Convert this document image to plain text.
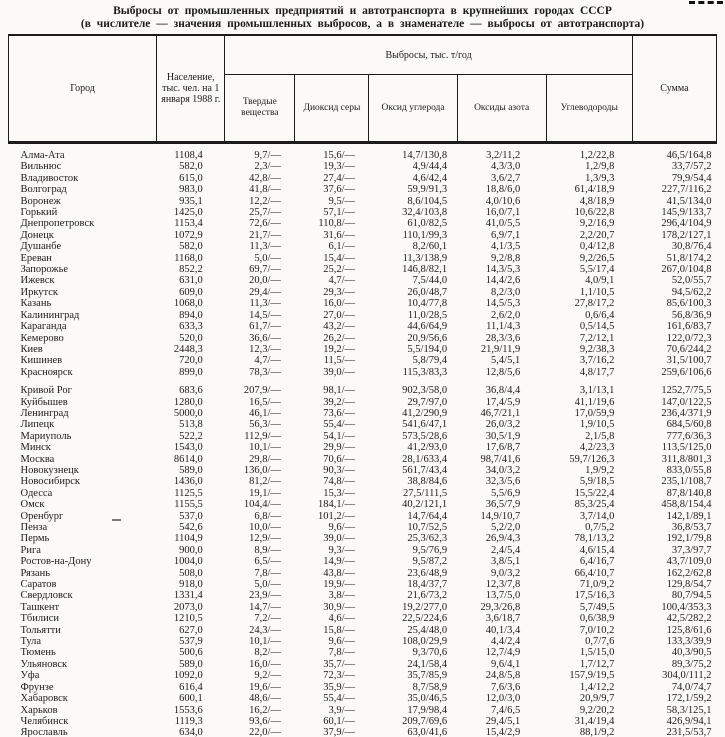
Выбросы от промышленных предприятий и автотранспорта в крупнейших городах СССР
(в числителе — значения промышленных выбросов, а в знаменателе — выбросы от автотранспорта)
Город	Население, тыс. чел. на 1 января 1988 г.	Выбросы, тыс. т/год					Сумма
		Твердые вещества	Диоксид серы	Оксид углерода	Оксиды азота	Углеводороды	
Алма-Ата	1108,4	9,7/—	15,6/—	14,7/130,8	3,2/11,2	1,2/22,8	46,5/164,8
Вильнюс	582,0	2,3/—	19,3/—	4,9/44,4	4,3/3,0	1,2/9,8	33,7/57,2
Владивосток	615,0	42,8/—	27,4/—	4,6/42,4	3,6/2,7	1,3/9,3	79,9/54,4
Волгоград	983,0	41,8/—	37,6/—	59,9/91,3	18,8/6,0	61,4/18,9	227,7/116,2
Воронеж	935,1	12,2/—	9,5/—	8,6/104,5	4,0/10,6	4,8/18,9	41,5/134,0
Горький	1425,0	25,7/—	57,1/—	32,4/103,8	16,0/7,1	10,6/22,8	145,9/133,7
Днепропетровск	1153,4	72,6/—	110,8/—	61,0/82,5	41,0/5,5	9,2/16,9	296,4/104,9
Донецк	1072,9	21,7/—	31,6/—	110,1/99,3	6,9/7,1	2,2/20,7	178,2/127,1
Душанбе	582,0	11,3/—	6,1/—	8,2/60,1	4,1/3,5	0,4/12,8	30,8/76,4
Ереван	1168,0	5,0/—	15,4/—	11,3/138,9	9,2/8,8	9,2/26,5	51,8/174,2
Запорожье	852,2	69,7/—	25,2/—	146,8/82,1	14,3/5,3	5,5/17,4	267,0/104,8
Ижевск	631,0	20,0/—	4,7/—	7,5/44,0	14,4/2,6	4,0/9,1	52,0/55,7
Иркутск	609,0	29,4/—	29,3/—	26,0/48,7	8,2/3,0	1,1/10,5	94,5/62,2
Казань	1068,0	11,3/—	16,0/—	10,4/77,8	14,5/5,3	27,8/17,2	85,6/100,3
Калининград	894,0	14,5/—	27,0/—	11,0/28,5	2,6/2,0	0,6/6,4	56,8/36,9
Караганда	633,3	61,7/—	43,2/—	44,6/64,9	11,1/4,3	0,5/14,5	161,6/83,7
Кемерово	520,0	36,6/—	26,2/—	20,9/56,6	28,3/3,6	7,2/12,1	122,0/72,3
Киев	2448,3	12,3/—	19,2/—	5,5/194,0	21,9/11,9	9,2/38,3	70,6/244,2
Кишинев	720,0	4,7/—	11,5/—	5,8/79,4	5,4/5,1	3,7/16,2	31,5/100,7
Красноярск	899,0	78,3/—	39,0/—	115,3/83,3	12,8/5,6	4,8/17,7	259,6/106,6
Кривой Рог	683,6	207,9/—	98,1/—	902,3/58,0	36,8/4,4	3,1/13,1	1252,7/75,5
Куйбышев	1280,0	16,5/—	39,2/—	29,7/97,0	17,4/5,9	41,1/19,6	147,0/122,5
Ленинград	5000,0	46,1/—	73,6/—	41,2/290,9	46,7/21,1	17,0/59,9	236,4/371,9
Липецк	513,8	56,3/—	55,4/—	541,6/47,1	26,0/3,2	1,9/10,5	684,5/60,8
Мариуполь	522,2	112,9/—	54,1/—	573,5/28,6	30,5/1,9	2,1/5,8	777,6/36,3
Минск	1543,0	10,1/—	29,9/—	41,2/93,0	17,6/8,7	4,2/23,3	113,5/125,0
Москва	8614,0	29,8/—	70,6/—	28,1/633,4	98,7/41,6	59,7/126,3	311,8/801,3
Новокузнецк	589,0	136,0/—	90,3/—	561,7/43,4	34,0/3,2	1,9/9,2	833,0/55,8
Новосибирск	1436,0	81,2/—	74,8/—	38,8/84,6	32,3/5,6	5,9/18,5	235,1/108,7
Одесса	1125,5	19,1/—	15,3/—	27,5/111,5	5,5/6,9	15,5/22,4	87,8/140,8
Омск	1155,5	104,4/—	184,1/—	40,2/121,1	36,5/7,9	85,3/25,4	458,8/154,4
Оренбург	537,0	6,8/—	101,2/—	14,7/64,4	14,9/10,7	3,7/14,0	142,1/89,1
Пенза	542,6	10,0/—	9,6/—	10,7/52,5	5,2/2,0	0,7/5,2	36,8/53,7
Пермь	1104,9	12,9/—	39,0/—	25,3/62,3	26,9/4,3	78,1/13,2	192,1/79,8
Рига	900,0	8,9/—	9,3/—	9,5/76,9	2,4/5,4	4,6/15,4	37,3/97,7
Ростов-на-Дону	1004,0	6,5/—	14,9/—	9,5/87,2	3,8/5,1	6,4/16,7	43,7/109,0
Рязань	508,0	7,8/—	43,8/—	23,6/48,9	9,0/3,2	66,4/10,7	162,2/62,8
Саратов	918,0	5,0/—	19,9/—	18,4/37,7	12,3/7,8	71,0/9,2	129,8/54,7
Свердловск	1331,4	23,9/—	3,8/—	21,6/73,2	13,7/5,0	17,5/16,3	80,7/94,5
Ташкент	2073,0	14,7/—	30,9/—	19,2/277,0	29,3/26,8	5,7/49,5	100,4/353,3
Тбилиси	1210,5	7,2/—	4,6/—	22,5/224,6	3,6/18,7	0,6/38,9	42,5/282,2
Тольятти	627,0	24,3/—	15,8/—	25,4/48,0	40,1/3,4	7,0/10,2	125,8/61,6
Тула	537,9	10,1/—	9,6/—	108,0/29,9	4,4/2,4	0,7/7,6	133,3/39,9
Тюмень	500,6	8,2/—	7,8/—	9,3/70,6	12,7/4,9	1,5/15,0	40,3/90,5
Ульяновск	589,0	16,0/—	35,7/—	24,1/58,4	9,6/4,1	1,7/12,7	89,3/75,2
Уфа	1092,0	9,2/—	72,3/—	35,7/85,9	24,8/5,8	157,9/19,5	304,0/111,2
Фрунзе	616,4	19,6/—	35,9/—	8,7/58,9	7,6/3,6	1,4/12,2	74,0/74,7
Хабаровск	600,1	48,6/—	55,4/—	35,0/46,5	12,0/3,0	20,9/9,7	172,1/59,2
Харьков	1553,6	16,2/—	3,9/—	17,9/98,4	7,4/6,5	9,2/20,2	58,3/125,1
Челябинск	1119,3	93,6/—	60,1/—	209,7/69,6	29,4/5,1	31,4/19,4	426,9/94,1
Ярославль	634,0	22,0/—	37,9/—	63,0/41,6	15,4/2,9	88,1/9,2	231,5/53,7
